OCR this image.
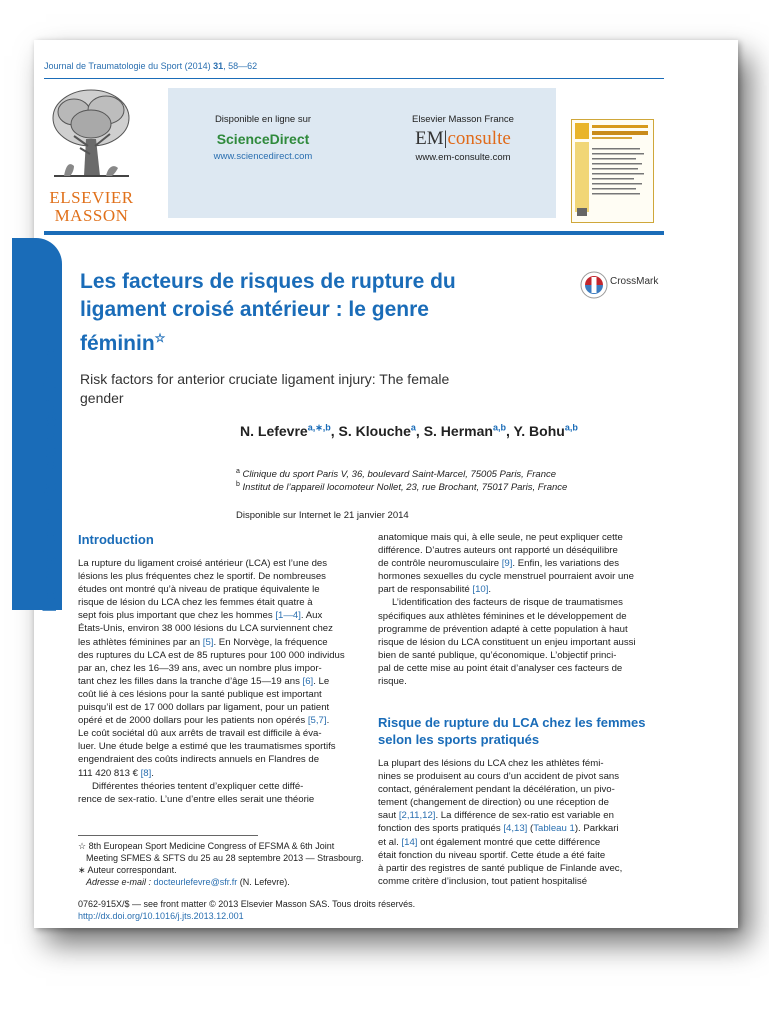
Formation médicale continue
Journal de Traumatologie du Sport (2014) 31, 58—62
ELSEVIER
MASSON
Disponible en ligne sur
ScienceDirect
www.sciencedirect.com
Elsevier Masson France
EM|consulte
www.em-consulte.com
CrossMark
Les facteurs de risques de rupture du
ligament croisé antérieur : le genre
féminin☆
Risk factors for anterior cruciate ligament injury: The female
gender
N. Lefevre$^{a,∗,b}$, S. Klouche$^a$, S. Herman$^{a,b}$, Y. Bohu$^{a,b}$
$^a$ Clinique du sport Paris V, 36, boulevard Saint-Marcel, 75005 Paris, France
$^b$ Institut de l’appareil locomoteur Nollet, 23, rue Brochant, 75017 Paris, France
Disponible sur Internet le 21 janvier 2014
Introduction
Risque de rupture du LCA chez les femmes
selon les sports pratiqués
La rupture du ligament croisé antérieur (LCA) est l’une des
lésions les plus fréquentes chez le sportif. De nombreuses
études ont montré qu’à niveau de pratique équivalente le
risque de lésion du LCA chez les femmes était quatre à
sept fois plus important que chez les hommes [1—4]. Aux
États-Unis, environ 38 000 lésions du LCA surviennent chez
les athlètes féminines par an [5]. En Norvège, la fréquence
des ruptures du LCA est de 85 ruptures pour 100 000 individus
par an, chez les 16—39 ans, avec un nombre plus impor-
tant chez les filles dans la tranche d’âge 15—19 ans [6]. Le
coût lié à ces lésions pour la santé publique est important
puisqu’il est de 17 000 dollars par ligament, pour un patient
opéré et de 2000 dollars pour les patients non opérés [5,7].
Le coût sociétal dû aux arrêts de travail est difficile à éva-
luer. Une étude belge a estimé que les traumatismes sportifs
engendraient des coûts indirects annuels en Flandres de
111 420 813 € [8].
Différentes théories tentent d’expliquer cette diffé-
rence de sex-ratio. L’une d’entre elles serait une théorie
anatomique mais qui, à elle seule, ne peut expliquer cette
différence. D’autres auteurs ont rapporté un déséquilibre
de contrôle neuromusculaire [9]. Enfin, les variations des
hormones sexuelles du cycle menstruel pourraient avoir une
part de responsabilité [10].
L’identification des facteurs de risque de traumatismes
spécifiques aux athlètes féminines et le développement de
programme de prévention adapté à cette population à haut
risque de lésion du LCA constituent un enjeu important aussi
bien de santé publique, qu’économique. L’objectif princi-
pal de cette mise au point était d’analyser ces facteurs de
risque.
La plupart des lésions du LCA chez les athlètes fémi-
nines se produisent au cours d’un accident de pivot sans
contact, généralement pendant la décélération, un pivo-
tement (changement de direction) ou une réception de
saut [2,11,12]. La différence de sex-ratio est variable en
fonction des sports pratiqués [4,13] (Tableau 1). Parkkari
et al. [14] ont également montré que cette différence
était fonction du niveau sportif. Cette étude a été faite
à partir des registres de santé publique de Finlande avec,
comme critère d’inclusion, tout patient hospitalisé
☆ 8th European Sport Medicine Congress of EFSMA & 6th Joint
Meeting SFMES & SFTS du 25 au 28 septembre 2013 — Strasbourg.
∗ Auteur correspondant.
Adresse e-mail : docteurlefevre@sfr.fr (N. Lefevre).
0762-915X/$ — see front matter © 2013 Elsevier Masson SAS. Tous droits réservés.
http://dx.doi.org/10.1016/j.jts.2013.12.001
